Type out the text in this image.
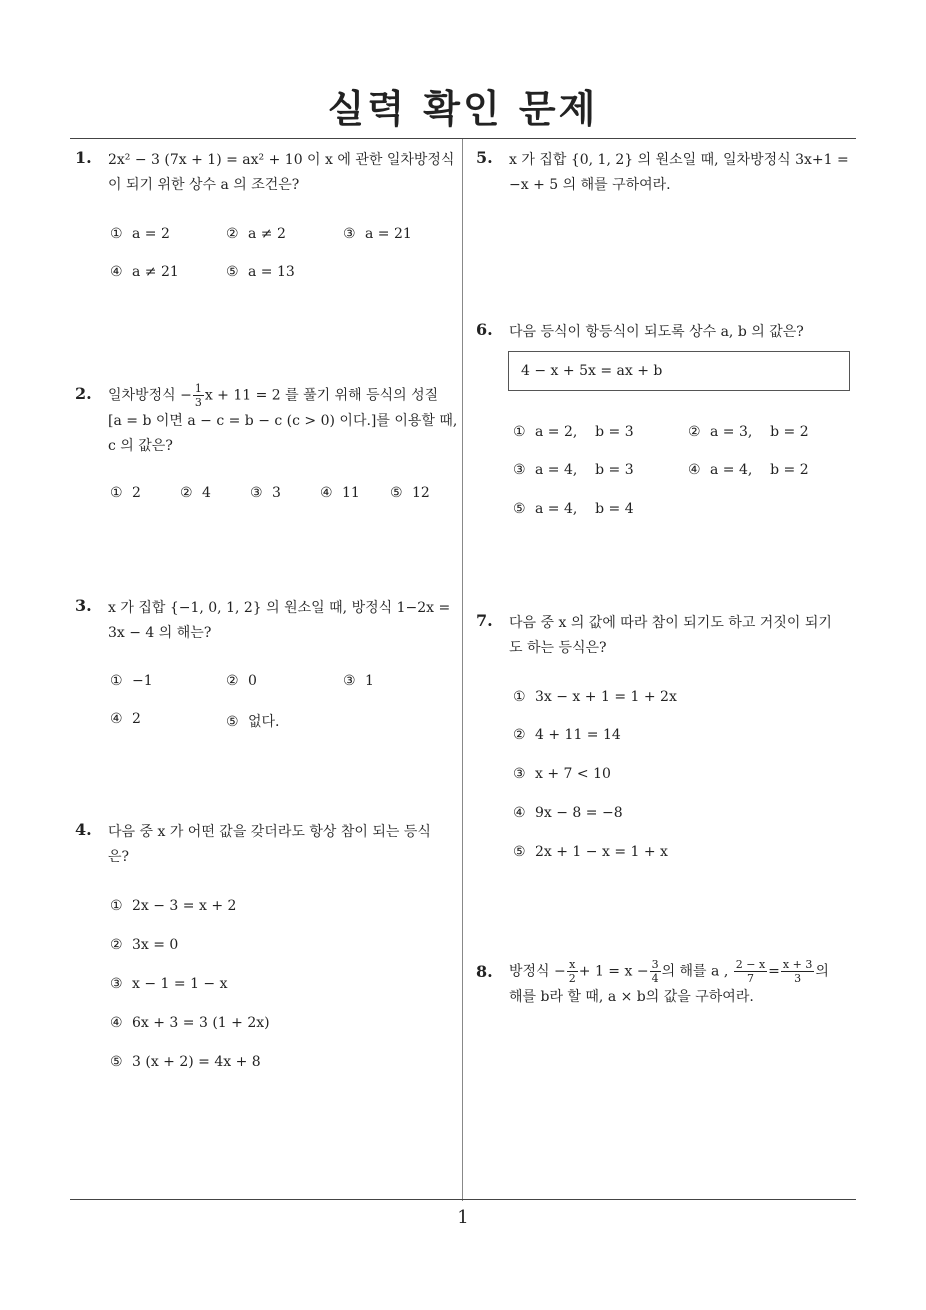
실력 확인 문제
1. 2x² − 3 (7x + 1) = ax² + 10 이 x 에 관한 일차방정식
이 되기 위한 상수 a 의 조건은?
① a = 2	② a ≠ 2	③ a = 21
④ a ≠ 21	⑤ a = 13
2. 일차방정식 − $\frac{1}{3}$ x + 11 = 2 를 풀기 위해 등식의 성질
[a = b 이면 a − c = b − c (c > 0) 이다.]를 이용할 때,
c 의 값은?
① 2	② 4	③ 3	④ 11 ⑤ 12
3. x 가 집합 {−1, 0, 1, 2} 의 원소일 때, 방정식 1−2x =
3x − 4 의 해는?
① −1	② 0	③ 1
④ 2	⑤ 없다.
4. 다음 중 x 가 어떤 값을 갖더라도 항상 참이 되는 등식
은?
① 2x − 3 = x + 2
② 3x = 0
③ x − 1 = 1 − x
④ 6x + 3 = 3 (1 + 2x)
⑤ 3 (x + 2) = 4x + 8
5. x 가 집합 {0, 1, 2} 의 원소일 때, 일차방정식 3x+1 =
−x + 5 의 해를 구하여라.
6. 다음 등식이 항등식이 되도록 상수 a, b 의 값은?
4 − x + 5x = ax + b
① a = 2,    b = 3	② a = 3,    b = 2
③ a = 4,    b = 3	④ a = 4,    b = 2
⑤ a = 4,    b = 4
7. 다음 중 x 의 값에 따라 참이 되기도 하고 거짓이 되기
도 하는 등식은?
① 3x − x + 1 = 1 + 2x
② 4 + 11 = 14
③ x + 7 < 10
④ 9x − 8 = −8
⑤ 2x + 1 − x = 1 + x
8. 방정식 − $\frac{x}{2} + 1 = x - \frac{3}{4}$ 의 해를 a , $\frac{2 - x}{7} = \frac{x + 3}{3}$ 의
해를 b라 할 때, a × b의 값을 구하여라.
1
